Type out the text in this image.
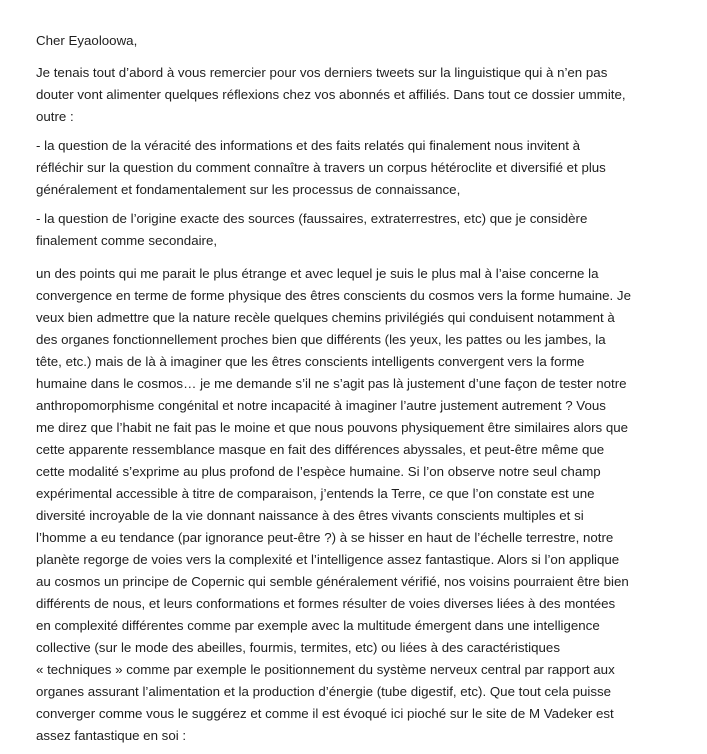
Cher Eyaoloowa,

Je tenais tout d’abord à vous remercier pour vos derniers tweets sur la linguistique qui à n’en pas
douter vont alimenter quelques réflexions chez vos abonnés et affiliés. Dans tout ce dossier ummite,
outre :

- la question de la véracité des informations et des faits relatés qui finalement nous invitent à
réfléchir sur la question du comment connaître à travers un corpus hétéroclite et diversifié et plus
généralement et fondamentalement sur les processus de connaissance,

- la question de l’origine exacte des sources (faussaires, extraterrestres, etc) que je considère
finalement comme secondaire,

un des points qui me parait le plus étrange et avec lequel je suis le plus mal à l’aise concerne la
convergence en terme de forme physique des êtres conscients du cosmos vers la forme humaine. Je
veux bien admettre que la nature recèle quelques chemins privilégiés qui conduisent notamment à
des organes fonctionnellement proches bien que différents (les yeux, les pattes ou les jambes, la
tête, etc.) mais de là à imaginer que les êtres conscients intelligents convergent vers la forme
humaine dans le cosmos… je me demande s’il ne s’agit pas là justement d’une façon de tester notre
anthropomorphisme congénital et notre incapacité à imaginer l’autre justement autrement ? Vous
me direz que l’habit ne fait pas le moine et que nous pouvons physiquement être similaires alors que
cette apparente ressemblance masque en fait des différences abyssales, et peut-être même que
cette modalité s’exprime au plus profond de l’espèce humaine. Si l’on observe notre seul champ
expérimental accessible à titre de comparaison, j’entends la Terre, ce que l’on constate est une
diversité incroyable de la vie donnant naissance à des êtres vivants conscients multiples et si
l’homme a eu tendance (par ignorance peut-être ?) à se hisser en haut de l’échelle terrestre, notre
planète regorge de voies vers la complexité et l’intelligence assez fantastique. Alors si l’on applique
au cosmos un principe de Copernic qui semble généralement vérifié, nos voisins pourraient être bien
différents de nous, et leurs conformations et formes résulter de voies diverses liées à des montées
en complexité différentes comme par exemple avec la multitude émergent dans une intelligence
collective (sur le mode des abeilles, fourmis, termites, etc) ou liées à des caractéristiques
« techniques » comme par exemple le positionnement du système nerveux central par rapport aux
organes assurant l’alimentation et la production d’énergie (tube digestif, etc). Que tout cela puisse
converger comme vous le suggérez et comme il est évoqué ici pioché sur le site de M Vadeker est
assez fantastique en soi :
